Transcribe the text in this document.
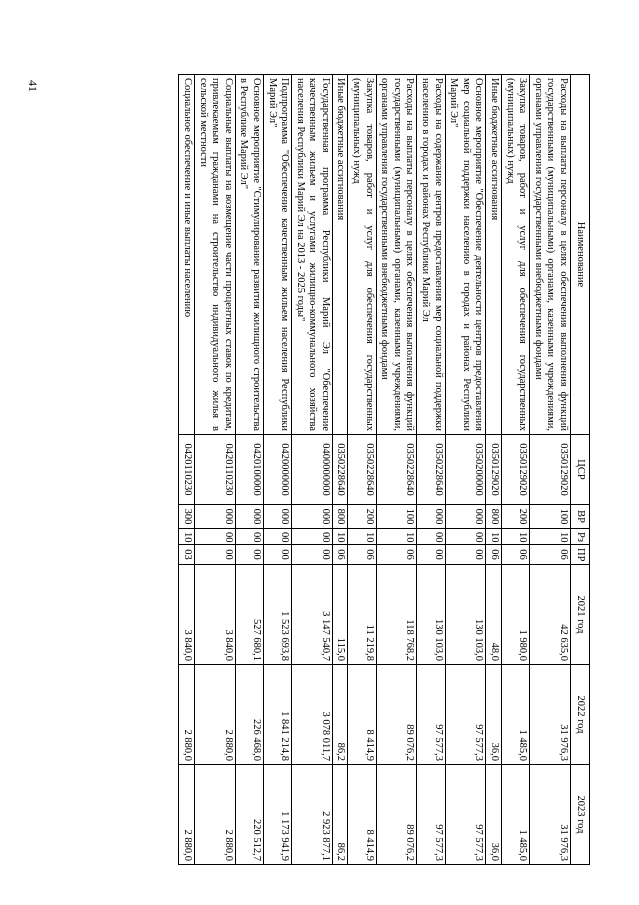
41
Наименование	ЦСР	ВР	Рз	ПР	2021 год	2022 год	2023 год
Расходы на выплаты персоналу в целях обеспечения выполнения функций государственными (муниципальными) органами, казенными учреждениями, органами управления государственными внебюджетными фондами	0350129020	100	10	06	42 635,0	31 976,3	31 976,3
Закупка товаров, работ и услуг для обеспечения государственных (муниципальных) нужд	0350129020	200	10	06	1 980,0	1 485,0	1 485,0
Иные бюджетные ассигнования	0350129020	800	10	06	48,0	36,0	36,0
Основное мероприятие "Обеспечение деятельности центров предоставления мер социальной поддержки населению в городах и районах Республики Марий Эл"	0350200000	000	00	00	130 103,0	97 577,3	97 577,3
Расходы на содержание центров предоставления мер социальной поддержки населению в городах и районах Республики Марий Эл	0350228640	000	00	00	130 103,0	97 577,3	97 577,3
Расходы на выплаты персоналу в целях обеспечения выполнения функций государственными (муниципальными) органами, казенными учреждениями, органами управления государственными внебюджетными фондами	0350228640	100	10	06	118 768,2	89 076,2	89 076,2
Закупка товаров, работ и услуг для обеспечения государственных (муниципальных) нужд	0350228640	200	10	06	11 219,8	8 414,9	8 414,9
Иные бюджетные ассигнования	0350228640	800	10	06	115,0	86,2	86,2
Государственная программа Республики Марий Эл "Обеспечение качественным жильем и услугами жилищно-коммунального хозяйства населения Республики Марий Эл на 2013 - 2025 годы"	0400000000	000	00	00	3 147 540,7	3 078 011,7	2 923 877,1
Подпрограмма "Обеспечение качественным жильем населения Республики Марий Эл"	0420000000	000	00	00	1 523 693,8	1 841 214,8	1 173 941,9
Основное мероприятие "Стимулирование развития жилищного строительства в Республике Марий Эл"	0420100000	000	00	00	527 680,1	226 468,0	220 512,7
Социальные выплаты на возмещение части процентных ставок по кредитам, привлекаемым гражданами на строительство индивидуального жилья в сельской местности	0420110230	000	00	00	3 840,0	2 880,0	2 880,0
Социальное обеспечение и иные выплаты населению	0420110230	300	10	03	3 840,0	2 880,0	2 880,0
